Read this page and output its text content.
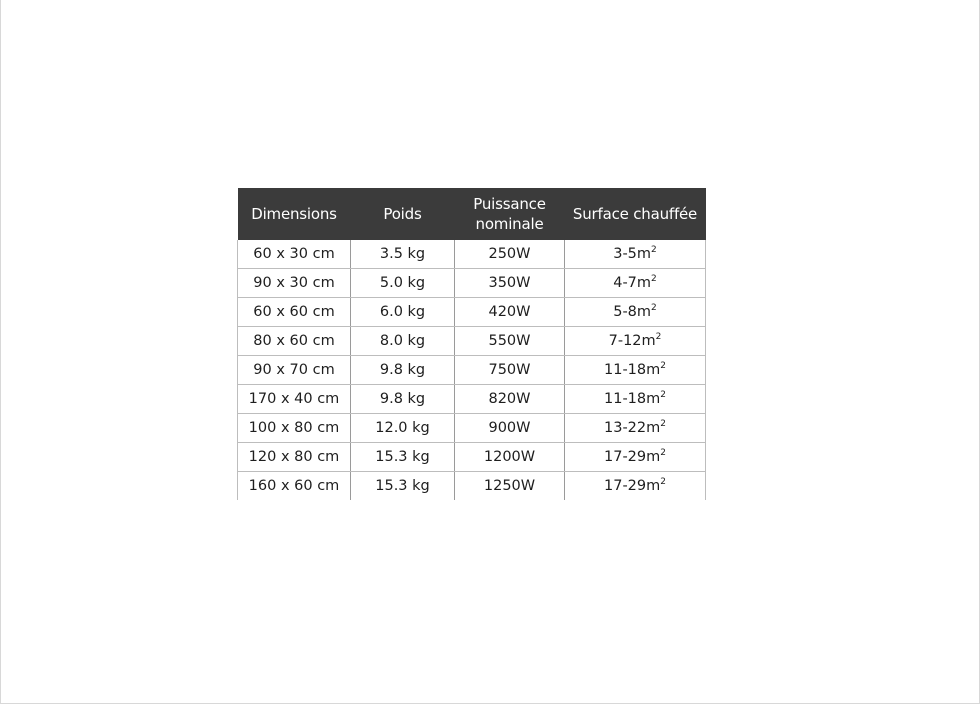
Dimensions	Poids	Puissance nominale	Surface chauffée
60 x 30 cm	3.5 kg	250W	$3-5m^2$
90 x 30 cm	5.0 kg	350W	$4-7m^2$
60 x 60 cm	6.0 kg	420W	$5-8m^2$
80 x 60 cm	8.0 kg	550W	$7-12m^2$
90 x 70 cm	9.8 kg	750W	$11-18m^2$
170 x 40 cm	9.8 kg	820W	$11-18m^2$
100 x 80 cm	12.0 kg	900W	$13-22m^2$
120 x 80 cm	15.3 kg	1200W	$17-29m^2$
160 x 60 cm	15.3 kg	1250W	$17-29m^2$
